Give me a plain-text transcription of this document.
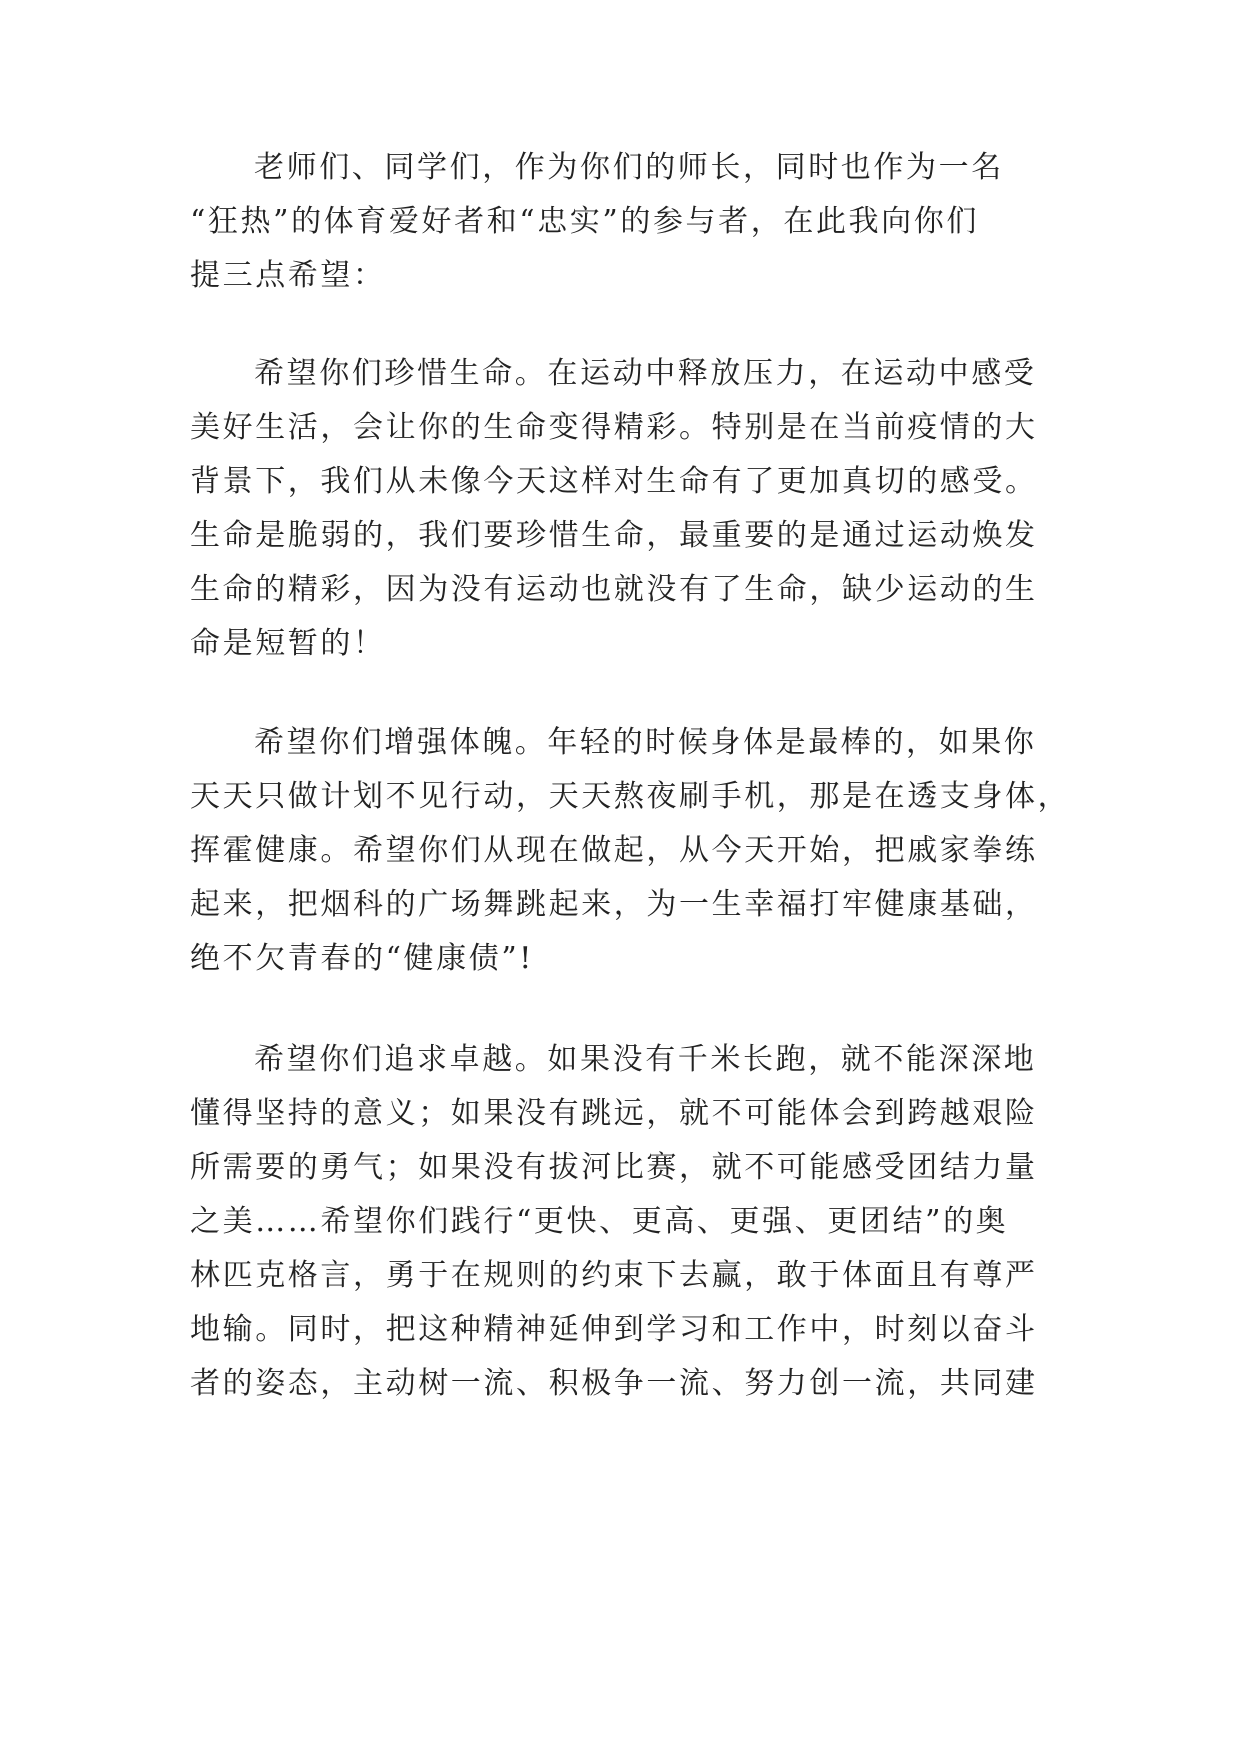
老师们、同学们，作为你们的师长，同时也作为一名
“狂热”的体育爱好者和“忠实”的参与者，在此我向你们
提三点希望：
希望你们珍惜生命。在运动中释放压力，在运动中感受
美好生活，会让你的生命变得精彩。特别是在当前疫情的大
背景下，我们从未像今天这样对生命有了更加真切的感受。
生命是脆弱的，我们要珍惜生命，最重要的是通过运动焕发
生命的精彩，因为没有运动也就没有了生命，缺少运动的生
命是短暂的！
希望你们增强体魄。年轻的时候身体是最棒的，如果你
天天只做计划不见行动，天天熬夜刷手机，那是在透支身体，
挥霍健康。希望你们从现在做起，从今天开始，把戚家拳练
起来，把烟科的广场舞跳起来，为一生幸福打牢健康基础，
绝不欠青春的“健康债”!
希望你们追求卓越。如果没有千米长跑，就不能深深地
懂得坚持的意义；如果没有跳远，就不可能体会到跨越艰险
所需要的勇气；如果没有拔河比赛，就不可能感受团结力量
之美……希望你们践行“更快、更高、更强、更团结”的奥
林匹克格言，勇于在规则的约束下去赢，敢于体面且有尊严
地输。同时，把这种精神延伸到学习和工作中，时刻以奋斗
者的姿态，主动树一流、积极争一流、努力创一流，共同建
